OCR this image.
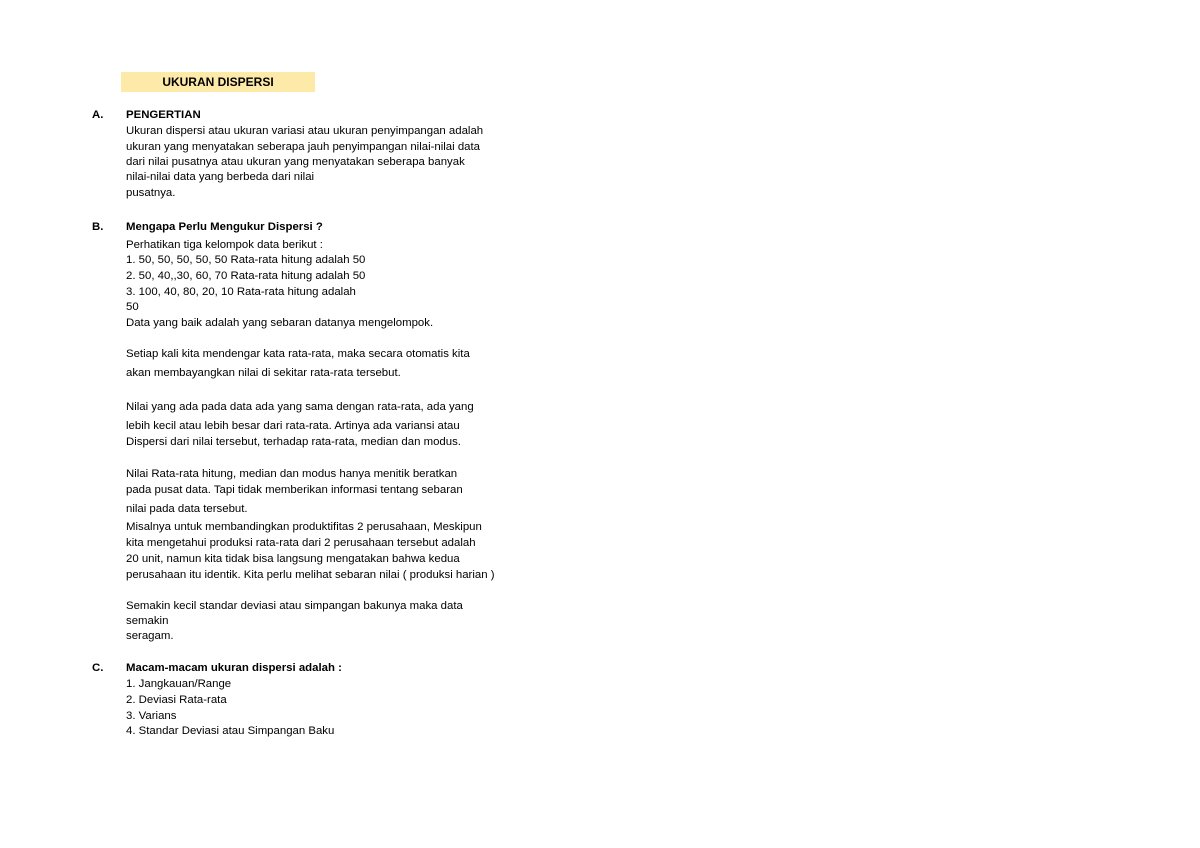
UKURAN DISPERSI
A. PENGERTIAN
Ukuran dispersi atau ukuran variasi atau ukuran penyimpangan adalah
ukuran yang menyatakan seberapa jauh penyimpangan nilai-nilai data
dari nilai pusatnya atau ukuran yang menyatakan seberapa banyak
nilai-nilai data yang berbeda dari nilai
pusatnya.
B. Mengapa Perlu Mengukur Dispersi ?
Perhatikan tiga kelompok data berikut :
1. 50, 50, 50, 50, 50 Rata-rata hitung adalah 50
2. 50, 40,,30, 60, 70 Rata-rata hitung adalah 50
3. 100, 40, 80, 20, 10 Rata-rata hitung adalah
50
Data yang baik adalah yang sebaran datanya mengelompok.
Setiap kali kita mendengar kata rata-rata, maka secara otomatis kita
akan membayangkan nilai di sekitar rata-rata tersebut.
Nilai yang ada pada data ada yang sama dengan rata-rata, ada yang
lebih kecil atau lebih besar dari rata-rata. Artinya ada variansi atau
Dispersi dari nilai tersebut, terhadap rata-rata, median dan modus.
Nilai Rata-rata hitung, median dan modus hanya menitik beratkan
pada pusat data. Tapi tidak memberikan informasi tentang sebaran
nilai pada data tersebut.
Misalnya untuk membandingkan produktifitas 2 perusahaan, Meskipun
kita mengetahui produksi rata-rata dari 2 perusahaan tersebut adalah
20 unit, namun kita tidak bisa langsung mengatakan bahwa kedua
perusahaan itu identik. Kita perlu melihat sebaran nilai ( produksi harian )
Semakin kecil standar deviasi atau simpangan bakunya maka data
semakin
seragam.
C. Macam-macam ukuran dispersi adalah :
1. Jangkauan/Range
2. Deviasi Rata-rata
3. Varians
4. Standar Deviasi atau Simpangan Baku
